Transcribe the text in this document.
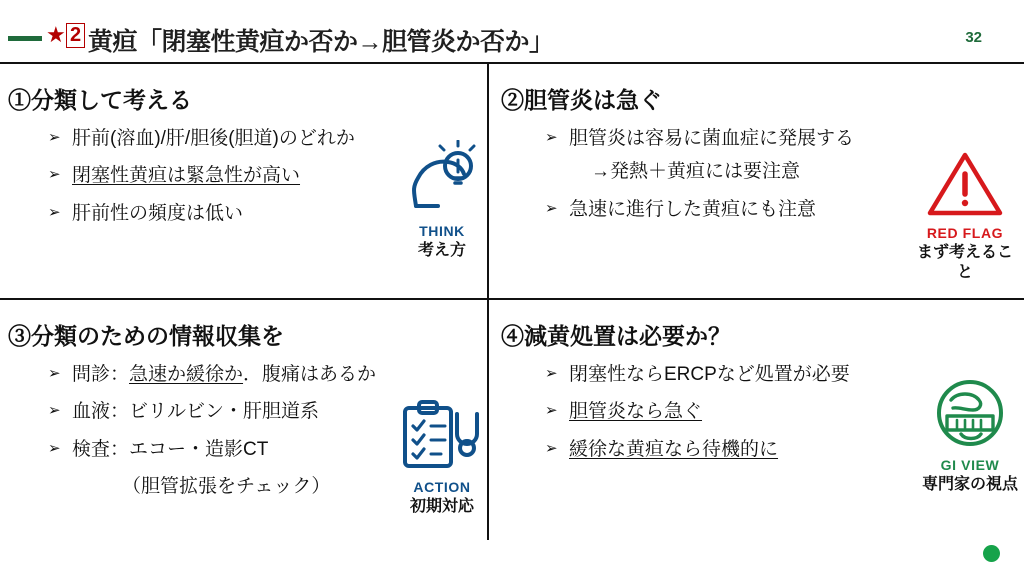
★ 2 黄疸「閉塞性黄疸か否か→胆管炎か否か」	32
①分類して考える
➢ 肝前(溶血)/肝/胆後(胆道)のどれか
➢ 閉塞性黄疸は緊急性が高い
➢ 肝前性の頻度は低い
②胆管炎は急ぐ
➢ 胆管炎は容易に菌血症に発展する
→発熱＋黄疸には要注意
➢ 急速に進行した黄疸にも注意
③分類のための情報収集を
➢ 問診：急速か緩徐か．腹痛はあるか
➢ 血液：ビリルビン・肝胆道系
➢ 検査：エコー・造影CT
（胆管拡張をチェック）
④減黄処置は必要か？
➢ 閉塞性ならERCPなど処置が必要
➢ 胆管炎なら急ぐ
➢ 緩徐な黄疸なら待機的に
THINK
考え方
RED FLAG
まず考えること
ACTION
初期対応
GI VIEW
専門家の視点
